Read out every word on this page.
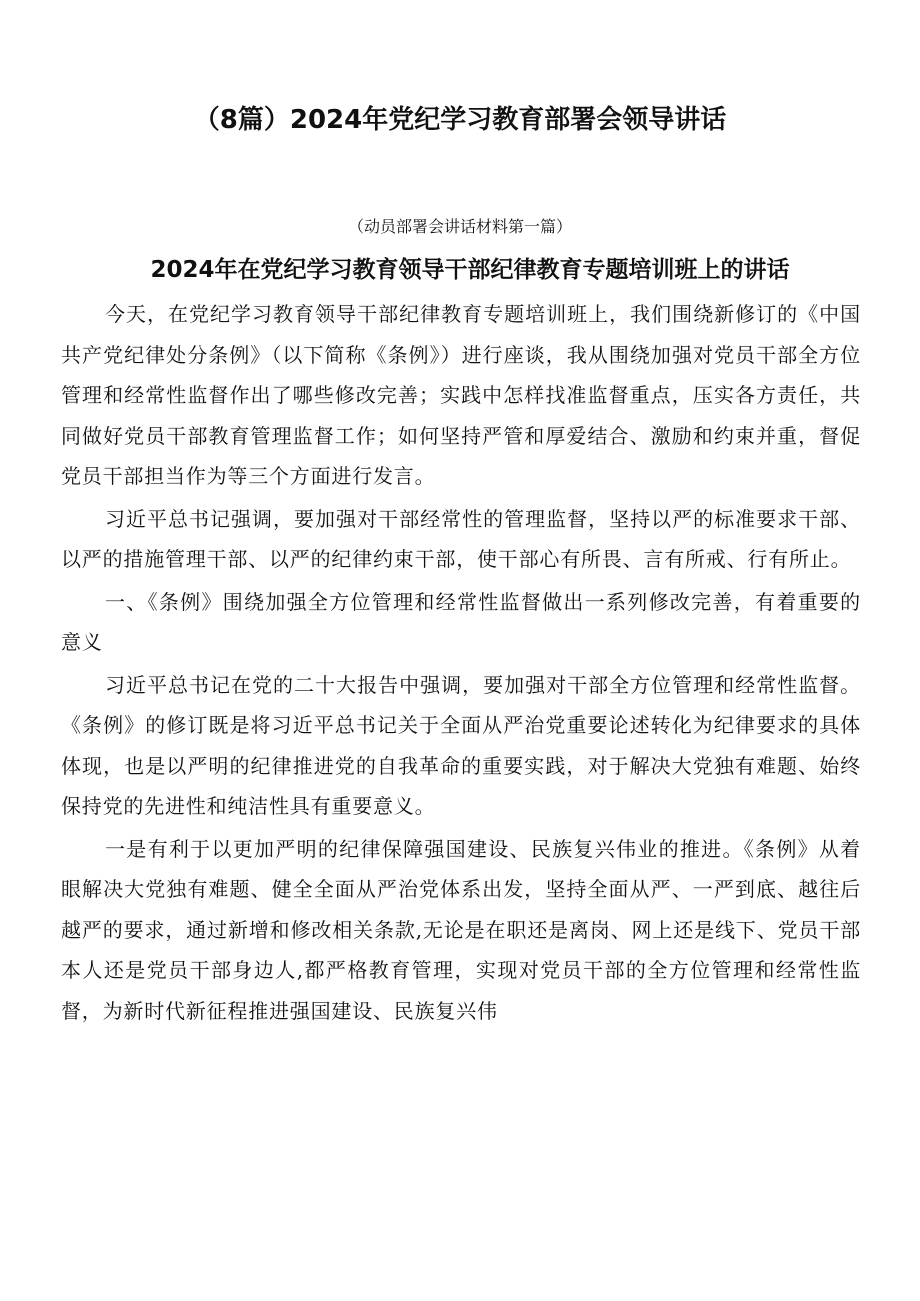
（8篇）2024年党纪学习教育部署会领导讲话
（动员部署会讲话材料第一篇）
2024年在党纪学习教育领导干部纪律教育专题培训班上的讲话

今天，在党纪学习教育领导干部纪律教育专题培训班上，我们围绕新修订的《中国共产党纪律处分条例》（以下简称《条例》）进行座谈，我从围绕加强对党员干部全方位管理和经常性监督作出了哪些修改完善；实践中怎样找准监督重点，压实各方责任，共同做好党员干部教育管理监督工作；如何坚持严管和厚爱结合、激励和约束并重，督促党员干部担当作为等三个方面进行发言。

习近平总书记强调，要加强对干部经常性的管理监督，坚持以严的标准要求干部、以严的措施管理干部、以严的纪律约束干部，使干部心有所畏、言有所戒、行有所止。

一、《条例》围绕加强全方位管理和经常性监督做出一系列修改完善，有着重要的意义

习近平总书记在党的二十大报告中强调，要加强对干部全方位管理和经常性监督。《条例》的修订既是将习近平总书记关于全面从严治党重要论述转化为纪律要求的具体体现，也是以严明的纪律推进党的自我革命的重要实践，对于解决大党独有难题、始终保持党的先进性和纯洁性具有重要意义。

一是有利于以更加严明的纪律保障强国建设、民族复兴伟业的推进。《条例》从着眼解决大党独有难题、健全全面从严治党体系出发，坚持全面从严、一严到底、越往后越严的要求，通过新增和修改相关条款,无论是在职还是离岗、网上还是线下、党员干部本人还是党员干部身边人,都严格教育管理，实现对党员干部的全方位管理和经常性监督，为新时代新征程推进强国建设、民族复兴伟
